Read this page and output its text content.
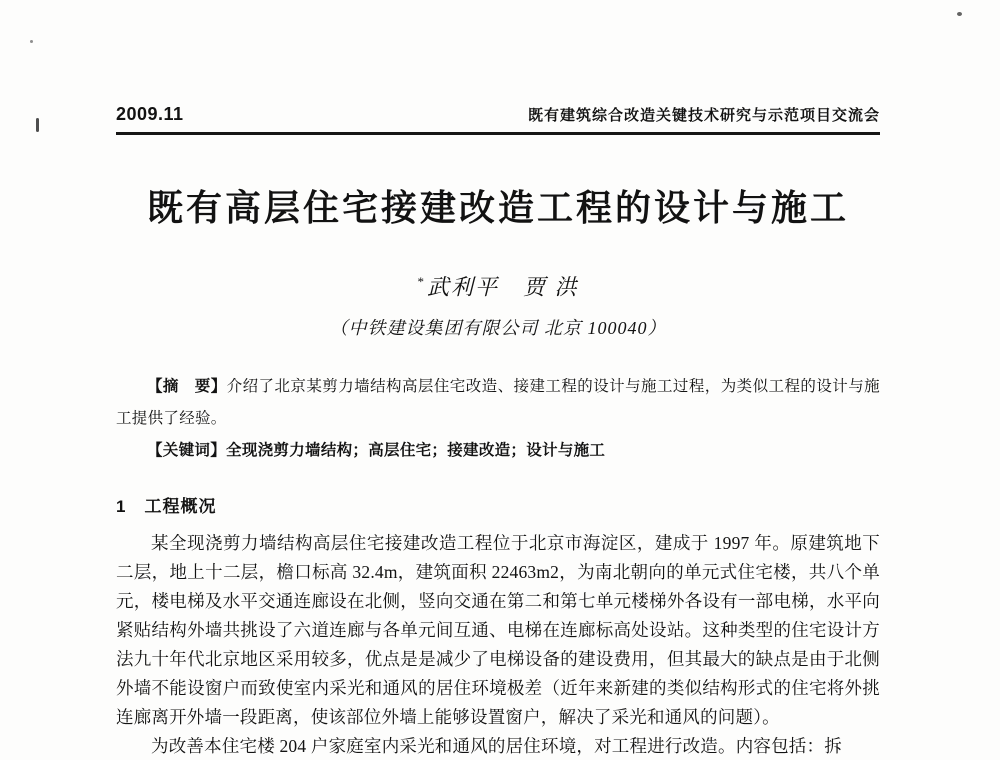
2009.11	既有建筑综合改造关键技术研究与示范项目交流会
既有高层住宅接建改造工程的设计与施工
*武利平　贾 洪
（中铁建设集团有限公司 北京 100040）

【摘　要】介绍了北京某剪力墙结构高层住宅改造、接建工程的设计与施工过程，为类似工程的设计与施工提供了经验。

【关键词】全现浇剪力墙结构；高层住宅；接建改造；设计与施工

1　工程概况

某全现浇剪力墙结构高层住宅接建改造工程位于北京市海淀区，建成于 1997 年。原建筑地下二层，地上十二层，檐口标高 32.4m，建筑面积 22463m2，为南北朝向的单元式住宅楼，共八个单元，楼电梯及水平交通连廊设在北侧，竖向交通在第二和第七单元楼梯外各设有一部电梯，水平向紧贴结构外墙共挑设了六道连廊与各单元间互通、电梯在连廊标高处设站。这种类型的住宅设计方法九十年代北京地区采用较多，优点是是减少了电梯设备的建设费用，但其最大的缺点是由于北侧外墙不能设窗户而致使室内采光和通风的居住环境极差（近年来新建的类似结构形式的住宅将外挑连廊离开外墙一段距离，使该部位外墙上能够设置窗户，解决了采光和通风的问题）。

为改善本住宅楼 204 户家庭室内采光和通风的居住环境，对工程进行改造。内容包括：拆
